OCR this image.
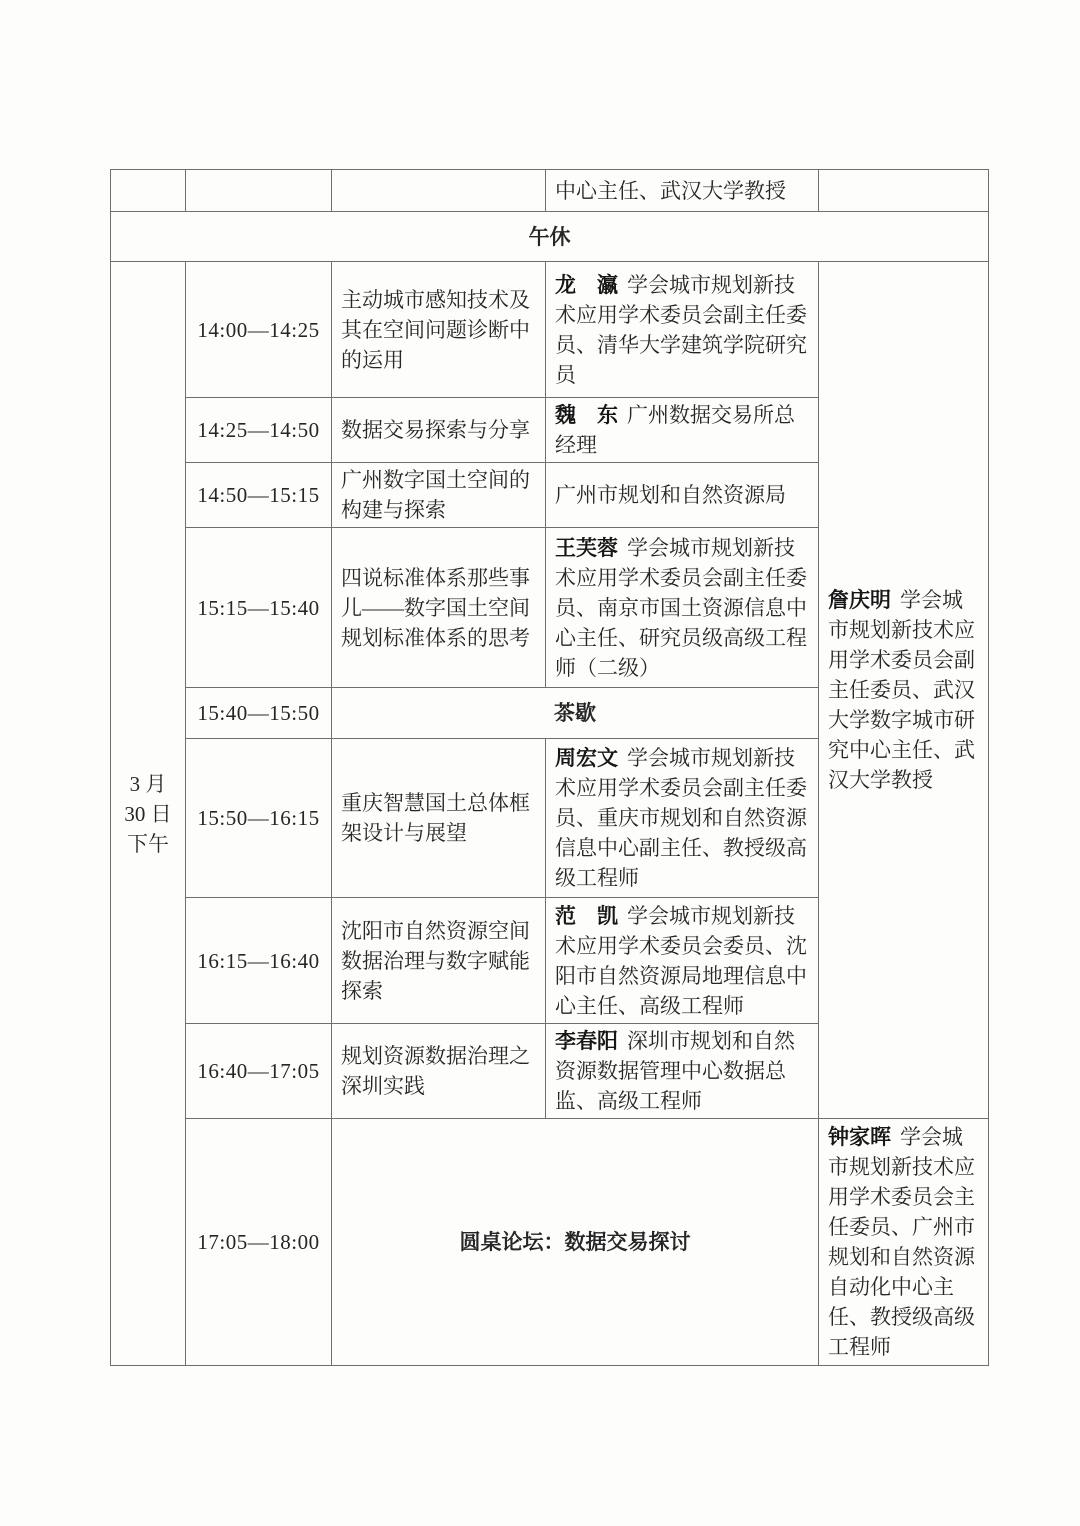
			中心主任、武汉大学教授	
午休				

3 月
30 日
下午	14:00—14:25	主动城市感知技术及其在空间问题诊断中的运用	龙　瀛 学会城市规划新技术应用学术委员会副主任委员、清华大学建筑学院研究员	詹庆明 学会城市规划新技术应用学术委员会副主任委员、武汉大学数字城市研究中心主任、武汉大学教授
	14:25—14:50	数据交易探索与分享	魏　东 广州数据交易所总经理	
	14:50—15:15	广州数字国土空间的构建与探索	广州市规划和自然资源局	
	15:15—15:40	四说标准体系那些事儿——数字国土空间规划标准体系的思考	王芙蓉 学会城市规划新技术应用学术委员会副主任委员、南京市国土资源信息中心主任、研究员级高级工程师（二级）	
	15:40—15:50	茶歇		
	15:50—16:15	重庆智慧国土总体框架设计与展望	周宏文 学会城市规划新技术应用学术委员会副主任委员、重庆市规划和自然资源信息中心副主任、教授级高级工程师	
	16:15—16:40	沈阳市自然资源空间数据治理与数字赋能探索	范　凯 学会城市规划新技术应用学术委员会委员、沈阳市自然资源局地理信息中心主任、高级工程师	
	16:40—17:05	规划资源数据治理之深圳实践	李春阳 深圳市规划和自然资源数据管理中心数据总监、高级工程师	
	17:05—18:00	圆桌论坛：数据交易探讨		钟家晖 学会城市规划新技术应用学术委员会主任委员、广州市规划和自然资源自动化中心主任、教授级高级工程师
